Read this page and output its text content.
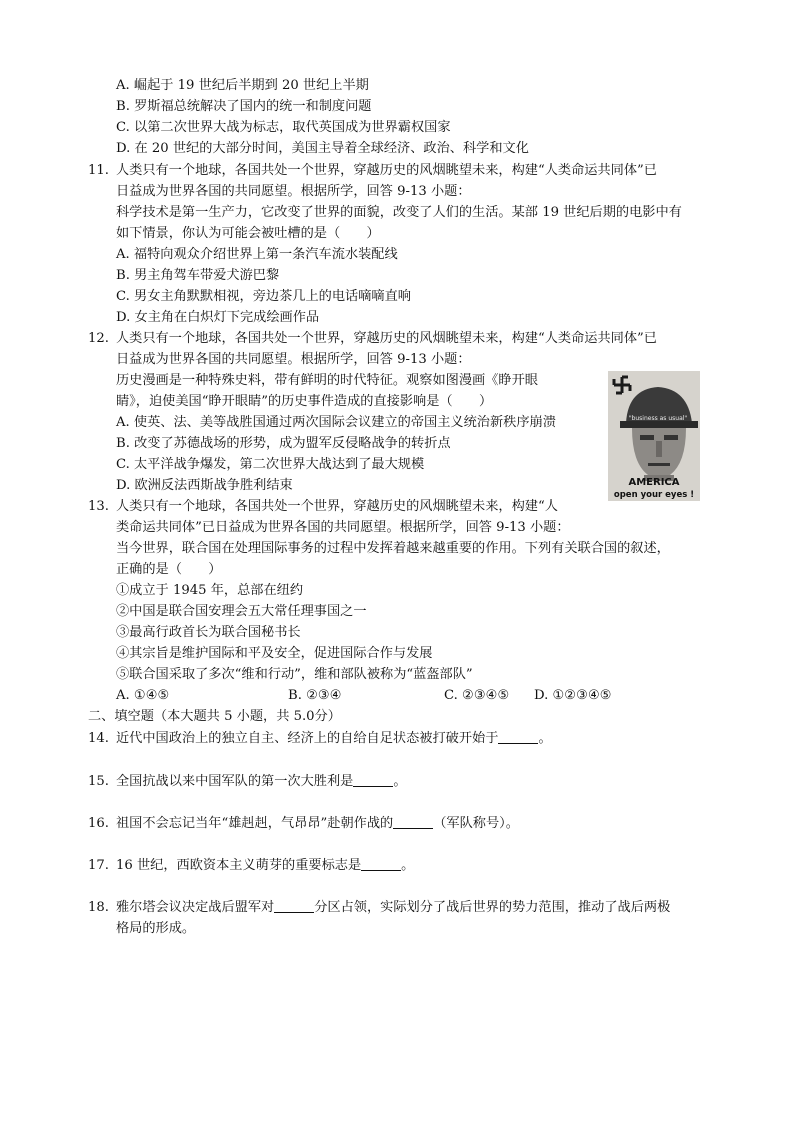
A. 崛起于 19 世纪后半期到 20 世纪上半期
B. 罗斯福总统解决了国内的统一和制度问题
C. 以第二次世界大战为标志，取代英国成为世界霸权国家
D. 在 20 世纪的大部分时间，美国主导着全球经济、政治、科学和文化
11. 人类只有一个地球，各国共处一个世界，穿越历史的风烟眺望未来，构建“人类命运共同体”已
日益成为世界各国的共同愿望。根据所学，回答 9-13 小题：
科学技术是第一生产力，它改变了世界的面貌，改变了人们的生活。某部 19 世纪后期的电影中有
如下情景，你认为可能会被吐槽的是（　　）
A. 福特向观众介绍世界上第一条汽车流水装配线
B. 男主角驾车带爱犬游巴黎
C. 男女主角默默相视，旁边茶几上的电话嘀嘀直响
D. 女主角在白炽灯下完成绘画作品
12. 人类只有一个地球，各国共处一个世界，穿越历史的风烟眺望未来，构建“人类命运共同体”已
日益成为世界各国的共同愿望。根据所学，回答 9-13 小题：
历史漫画是一种特殊史料，带有鲜明的时代特征。观察如图漫画《睁开眼
睛》，迫使美国“睁开眼睛”的历史事件造成的直接影响是（　　）
A. 使英、法、美等战胜国通过两次国际会议建立的帝国主义统治新秩序崩溃
B. 改变了苏德战场的形势，成为盟军反侵略战争的转折点
C. 太平洋战争爆发，第二次世界大战达到了最大规模
D. 欧洲反法西斯战争胜利结束
"business as usual"
AMERICA
open your eyes !
13. 人类只有一个地球，各国共处一个世界，穿越历史的风烟眺望未来，构建“人
类命运共同体”已日益成为世界各国的共同愿望。根据所学，回答 9-13 小题：
当今世界，联合国在处理国际事务的过程中发挥着越来越重要的作用。下列有关联合国的叙述，
正确的是（　　）
①成立于 1945 年，总部在纽约
②中国是联合国安理会五大常任理事国之一
③最高行政首长为联合国秘书长
④其宗旨是维护国际和平及安全，促进国际合作与发展
⑤联合国采取了多次“维和行动”，维和部队被称为“蓝盔部队”
A. ①④⑤	B. ②③④	C. ②③④⑤ D. ①②③④⑤
二、填空题（本大题共 5 小题，共 5.0分）
14. 近代中国政治上的独立自主、经济上的自给自足状态被打破开始于	。
15. 全国抗战以来中国军队的第一次大胜利是	。
16. 祖国不会忘记当年“雄赳赳，气昂昂”赴朝作战的	（军队称号）。
17. 16 世纪，西欧资本主义萌芽的重要标志是	。
18. 雅尔塔会议决定战后盟军对	分区占领，实际划分了战后世界的势力范围，推动了战后两极
格局的形成。
